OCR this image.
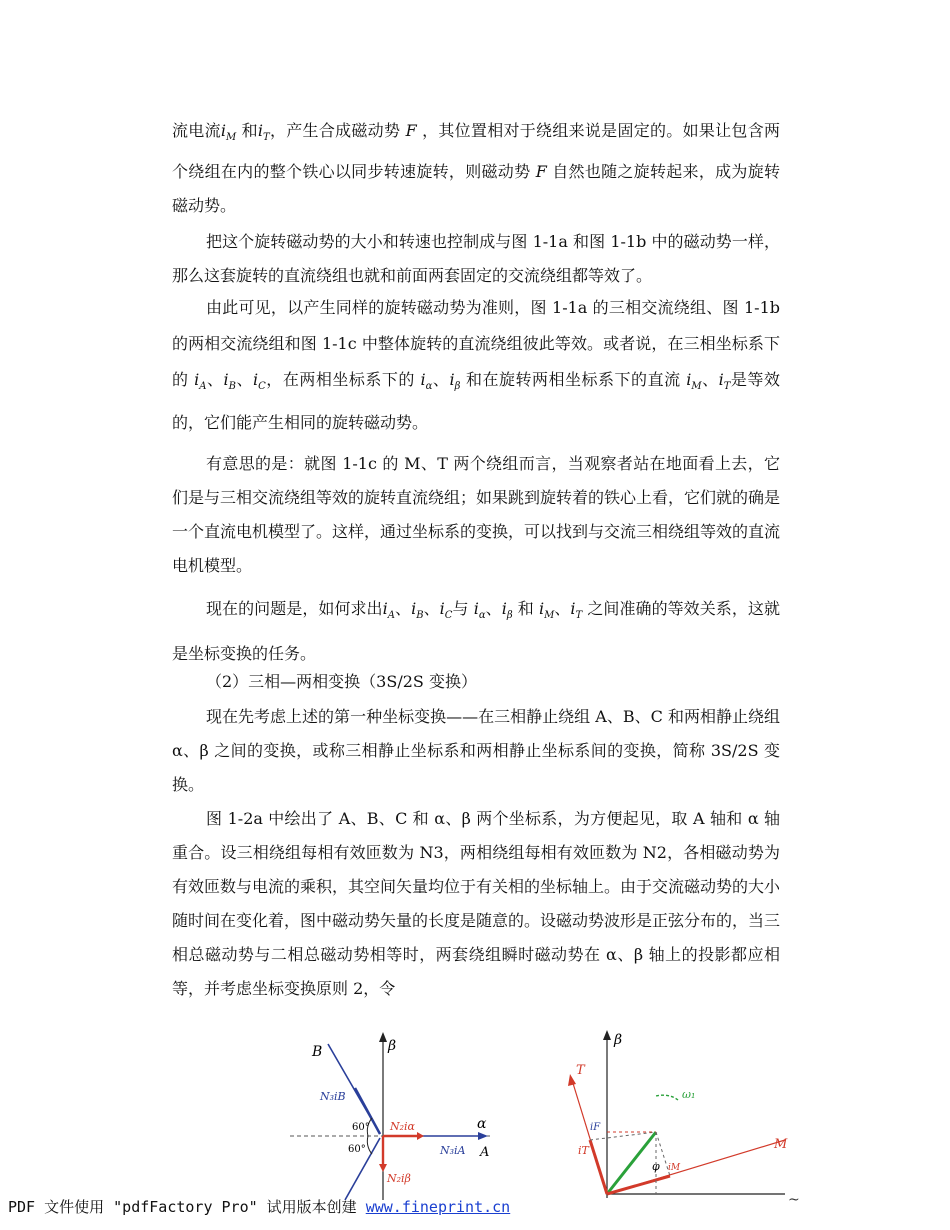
流电流$i_M$ 和$i_T$，产生合成磁动势 F ，其位置相对于绕组来说是固定的。如果让包含两个绕组在内的整个铁心以同步转速旋转，则磁动势 F 自然也随之旋转起来，成为旋转磁动势。

把这个旋转磁动势的大小和转速也控制成与图 1-1a 和图 1-1b 中的磁动势一样，那么这套旋转的直流绕组也就和前面两套固定的交流绕组都等效了。

由此可见，以产生同样的旋转磁动势为准则，图 1-1a 的三相交流绕组、图 1-1b 的两相交流绕组和图 1-1c 中整体旋转的直流绕组彼此等效。或者说，在三相坐标系下的 $i_A$、$i_B$、$i_C$，在两相坐标系下的 $i_\alpha$、$i_\beta$ 和在旋转两相坐标系下的直流 $i_M$、$i_T$是等效的，它们能产生相同的旋转磁动势。

有意思的是：就图 1-1c 的 M、T 两个绕组而言，当观察者站在地面看上去，它们是与三相交流绕组等效的旋转直流绕组；如果跳到旋转着的铁心上看，它们就的确是一个直流电机模型了。这样，通过坐标系的变换，可以找到与交流三相绕组等效的直流电机模型。

现在的问题是，如何求出$i_A$、$i_B$、$i_C$与 $i_\alpha$、$i_\beta$ 和 $i_M$、$i_T$ 之间准确的等效关系，这就是坐标变换的任务。

（2）三相—两相变换（3S/2S 变换）

现在先考虑上述的第一种坐标变换——在三相静止绕组 A、B、C 和两相静止绕组 α、β 之间的变换，或称三相静止坐标系和两相静止坐标系间的变换，简称 3S/2S 变换。

图 1-2a 中绘出了 A、B、C 和 α、β 两个坐标系，为方便起见，取 A 轴和 α 轴重合。设三相绕组每相有效匝数为 N3，两相绕组每相有效匝数为 N2，各相磁动势为有效匝数与电流的乘积，其空间矢量均位于有关相的坐标轴上。由于交流磁动势的大小随时间在变化着，图中磁动势矢量的长度是随意的。设磁动势波形是正弦分布的，当三相总磁动势与二相总磁动势相等时，两套绕组瞬时磁动势在 α、β 轴上的投影都应相等，并考虑坐标变换原则 2，令

B	β
N₃iB
60°
60°
N₂iα	α
N₃iA A
N₂iβ
β
T
ω₁
M
iF
iT
φ iM
PDF 文件使用 "pdfFactory Pro" 试用版本创建 www.fineprint.cn	~
